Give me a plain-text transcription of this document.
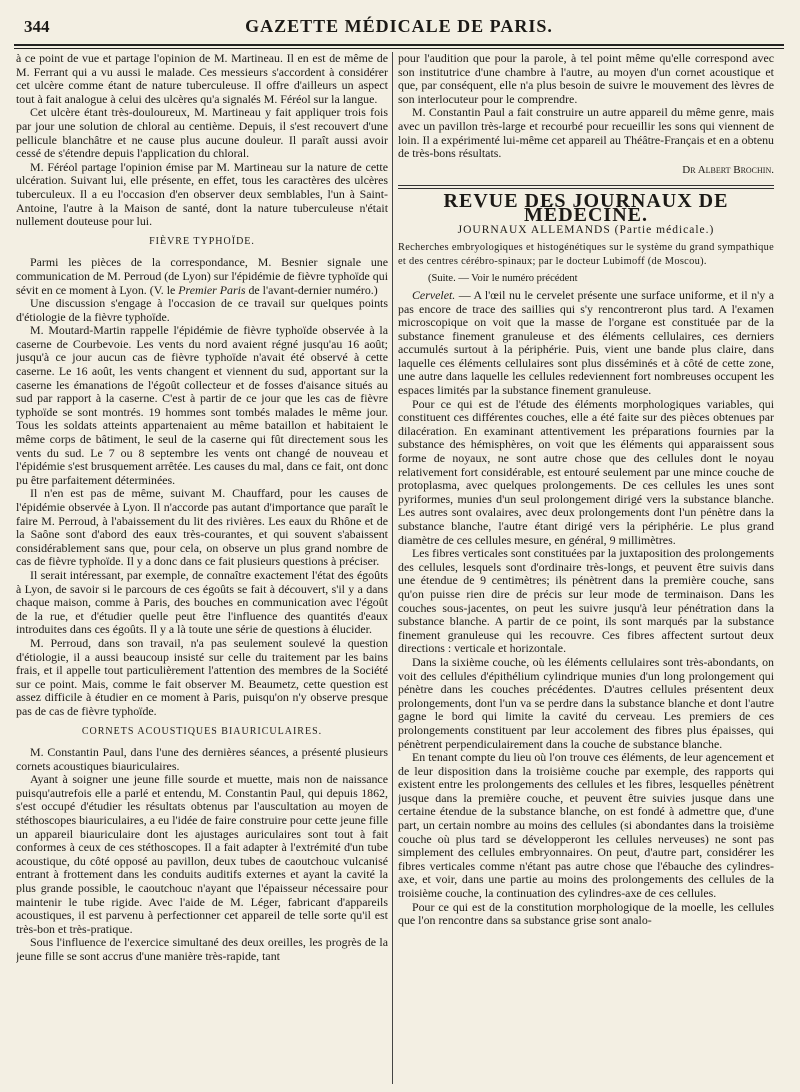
344	GAZETTE MÉDICALE DE PARIS.

à ce point de vue et partage l'opinion de M. Martineau. Il en est de même de M. Ferrant qui a vu aussi le malade. Ces messieurs s'accordent à considérer cet ulcère comme étant de nature tuberculeuse. Il offre d'ailleurs un aspect tout à fait analogue à celui des ulcères qu'a signalés M. Féréol sur la langue.

Cet ulcère étant très-douloureux, M. Martineau y fait appliquer trois fois par jour une solution de chloral au centième. Depuis, il s'est recouvert d'une pellicule blanchâtre et ne cause plus aucune douleur. Il paraît aussi avoir cessé de s'étendre depuis l'application du chloral.

M. Féréol partage l'opinion émise par M. Martineau sur la nature de cette ulcération. Suivant lui, elle présente, en effet, tous les caractères des ulcères tuberculeux. Il a eu l'occasion d'en observer deux semblables, l'un à Saint-Antoine, l'autre à la Maison de santé, dont la nature tuberculeuse n'était nullement douteuse pour lui.

FIÈVRE TYPHOÏDE.

Parmi les pièces de la correspondance, M. Besnier signale une communication de M. Perroud (de Lyon) sur l'épidémie de fièvre typhoïde qui sévit en ce moment à Lyon. (V. le Premier Paris de l'avant-dernier numéro.)

Une discussion s'engage à l'occasion de ce travail sur quelques points d'étiologie de la fièvre typhoïde.

M. Moutard-Martin rappelle l'épidémie de fièvre typhoïde observée à la caserne de Courbevoie. Les vents du nord avaient régné jusqu'au 16 août; jusqu'à ce jour aucun cas de fièvre typhoïde n'avait été observé à cette caserne. Le 16 août, les vents changent et viennent du sud, apportant sur la caserne les émanations de l'égoût collecteur et de fosses d'aisance situés au sud par rapport à la caserne. C'est à partir de ce jour que les cas de fièvre typhoïde se sont montrés. 19 hommes sont tombés malades le même jour. Tous les soldats atteints appartenaient au même bataillon et habitaient le même corps de bâtiment, le seul de la caserne qui fût directement sous les vents du sud. Le 7 ou 8 septembre les vents ont changé de nouveau et l'épidémie s'est brusquement arrêtée. Les causes du mal, dans ce fait, ont donc pu être parfaitement déterminées.

Il n'en est pas de même, suivant M. Chauffard, pour les causes de l'épidémie observée à Lyon. Il n'accorde pas autant d'importance que paraît le faire M. Perroud, à l'abaissement du lit des rivières. Les eaux du Rhône et de la Saône sont d'abord des eaux très-courantes, et qui souvent s'abaissent considérablement sans que, pour cela, on observe un plus grand nombre de cas de fièvre typhoïde. Il y a donc dans ce fait plusieurs questions à préciser.

Il serait intéressant, par exemple, de connaître exactement l'état des égoûts à Lyon, de savoir si le parcours de ces égoûts se fait à découvert, s'il y a dans chaque maison, comme à Paris, des bouches en communication avec l'égoût de la rue, et d'étudier quelle peut être l'influence des quantités d'eaux introduites dans ces égoûts. Il y a là toute une série de questions à élucider.

M. Perroud, dans son travail, n'a pas seulement soulevé la question d'étiologie, il a aussi beaucoup insisté sur celle du traitement par les bains frais, et il appelle tout particulièrement l'attention des membres de la Société sur ce point. Mais, comme le fait observer M. Beaumetz, cette question est assez difficile à étudier en ce moment à Paris, puisqu'on n'y observe presque pas de cas de fièvre typhoïde.

CORNETS ACOUSTIQUES BIAURICULAIRES.

M. Constantin Paul, dans l'une des dernières séances, a présenté plusieurs cornets acoustiques biauriculaires.

Ayant à soigner une jeune fille sourde et muette, mais non de naissance puisqu'autrefois elle a parlé et entendu, M. Constantin Paul, qui depuis 1862, s'est occupé d'étudier les résultats obtenus par l'auscultation au moyen de stéthoscopes biauriculaires, a eu l'idée de faire construire pour cette jeune fille un appareil biauriculaire dont les ajustages auriculaires sont tout à fait conformes à ceux de ces stéthoscopes. Il a fait adapter à l'extrémité d'un tube acoustique, du côté opposé au pavillon, deux tubes de caoutchouc vulcanisé entrant à frottement dans les conduits auditifs externes et ayant la cavité la plus grande possible, le caoutchouc n'ayant que l'épaisseur nécessaire pour maintenir le tube rigide. Avec l'aide de M. Léger, fabricant d'appareils acoustiques, il est parvenu à perfectionner cet appareil de telle sorte qu'il est très-bon et très-pratique.

Sous l'influence de l'exercice simultané des deux oreilles, les progrès de la jeune fille se sont accrus d'une manière très-rapide, tant

pour l'audition que pour la parole, à tel point même qu'elle correspond avec son institutrice d'une chambre à l'autre, au moyen d'un cornet acoustique et que, par conséquent, elle n'a plus besoin de suivre le mouvement des lèvres de son interlocuteur pour le comprendre.

M. Constantin Paul a fait construire un autre appareil du même genre, mais avec un pavillon très-large et recourbé pour recueillir les sons qui viennent de loin. Il a expérimenté lui-même cet appareil au Théâtre-Français et en a obtenu de très-bons résultats.

Dr Albert Brochin.
REVUE DES JOURNAUX DE MÉDECINE.
JOURNAUX ALLEMANDS (Partie médicale.)

Recherches embryologiques et histogénétiques sur le système du grand sympathique et des centres cérébro-spinaux; par le docteur Lubimoff (de Moscou).

(Suite. — Voir le numéro précédent

Cervelet. — A l'œil nu le cervelet présente une surface uniforme, et il n'y a pas encore de trace des saillies qui s'y rencontreront plus tard. A l'examen microscopique on voit que la masse de l'organe est constituée par de la substance finement granuleuse et des éléments cellulaires, ces derniers accumulés surtout à la périphérie. Puis, vient une bande plus claire, dans laquelle ces éléments cellulaires sont plus disséminés et à côté de cette zone, une autre dans laquelle les cellules redeviennent fort nombreuses occupent les espaces limités par la substance finement granuleuse.

Pour ce qui est de l'étude des éléments morphologiques variables, qui constituent ces différentes couches, elle a été faite sur des pièces obtenues par dilacération. En examinant attentivement les préparations fournies par la substance des hémisphères, on voit que les éléments qui apparaissent sous forme de noyaux, ne sont autre chose que des cellules dont le noyau relativement fort considérable, est entouré seulement par une mince couche de protoplasma, avec quelques prolongements. De ces cellules les unes sont pyriformes, munies d'un seul prolongement dirigé vers la substance blanche. Les autres sont ovalaires, avec deux prolongements dont l'un pénètre dans la substance blanche, l'autre étant dirigé vers la périphérie. Le plus grand diamètre de ces cellules mesure, en général, 9 millimètres.

Les fibres verticales sont constituées par la juxtaposition des prolongements des cellules, lesquels sont d'ordinaire très-longs, et peuvent être suivis dans une étendue de 9 centimètres; ils pénètrent dans la première couche, sans qu'on puisse rien dire de précis sur leur mode de terminaison. Dans les couches sous-jacentes, on peut les suivre jusqu'à leur pénétration dans la substance blanche. A partir de ce point, ils sont marqués par la substance finement granuleuse qui les recouvre. Ces fibres affectent surtout deux directions : verticale et horizontale.

Dans la sixième couche, où les éléments cellulaires sont très-abondants, on voit des cellules d'épithélium cylindrique munies d'un long prolongement qui pénètre dans les couches précédentes. D'autres cellules présentent deux prolongements, dont l'un va se perdre dans la substance blanche et dont l'autre gagne le bord qui limite la cavité du cerveau. Les premiers de ces prolongements constituent par leur accolement des fibres plus épaisses, qui pénètrent perpendiculairement dans la couche de substance blanche.

En tenant compte du lieu où l'on trouve ces éléments, de leur agencement et de leur disposition dans la troisième couche par exemple, des rapports qui existent entre les prolongements des cellules et les fibres, lesquelles pénètrent jusque dans la première couche, et peuvent être suivies jusque dans une certaine étendue de la substance blanche, on est fondé à admettre que, d'une part, un certain nombre au moins des cellules (si abondantes dans la troisième couche où plus tard se développeront les cellules nerveuses) ne sont pas simplement des cellules embryonnaires. On peut, d'autre part, considérer les fibres verticales comme n'étant pas autre chose que l'ébauche des cylindres-axe, et voir, dans une partie au moins des prolongements des cellules de la troisième couche, la continuation des cylindres-axe de ces cellules.

Pour ce qui est de la constitution morphologique de la moelle, les cellules que l'on rencontre dans sa substance grise sont analo-
